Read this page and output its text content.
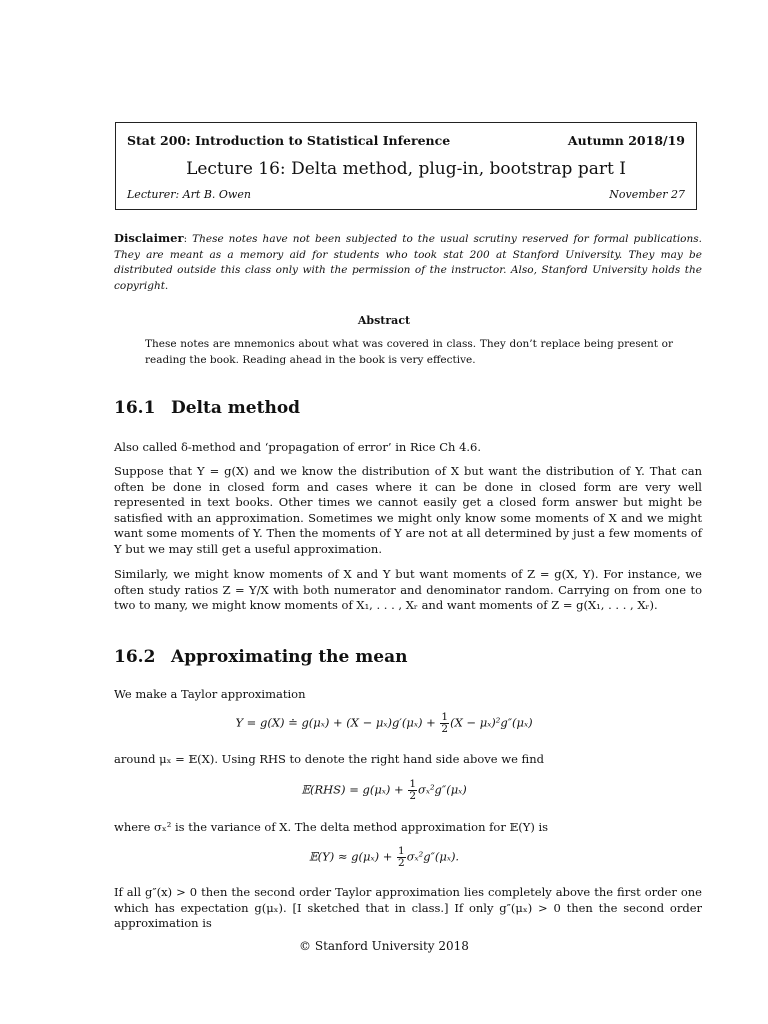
Stat 200: Introduction to Statistical Inference	Autumn 2018/19
Lecture 16: Delta method, plug-in, bootstrap part I
Lecturer: Art B. Owen	November 27
Disclaimer: These notes have not been subjected to the usual scrutiny reserved for formal publications. They are meant as a memory aid for students who took stat 200 at Stanford University. They may be distributed outside this class only with the permission of the instructor. Also, Stanford University holds the copyright.
Abstract
These notes are mnemonics about what was covered in class. They don’t replace being present or reading the book. Reading ahead in the book is very effective.
16.1 Delta method
Also called δ-method and ‘propagation of error’ in Rice Ch 4.6.
Suppose that Y = g(X) and we know the distribution of X but want the distribution of Y. That can often be done in closed form and cases where it can be done in closed form are very well represented in text books. Other times we cannot easily get a closed form answer but might be satisfied with an approximation. Sometimes we might only know some moments of X and we might want some moments of Y. Then the moments of Y are not at all determined by just a few moments of Y but we may still get a useful approximation.
Similarly, we might know moments of X and Y but want moments of Z = g(X, Y). For instance, we often study ratios Z = Y/X with both numerator and denominator random. Carrying on from one to two to many, we might know moments of X₁, . . . , Xᵣ and want moments of Z = g(X₁, . . . , Xᵣ).
16.2 Approximating the mean
We make a Taylor approximation
Y = g(X) ≐ $g(\mu_x) + (X - \mu_x)g'(\mu_x) + \frac{1}{2} (X - \mu_x)^2g''(\mu_x)$
around μₓ = 𝔼(X). Using RHS to denote the right hand side above we find
𝔼(RHS) = $g(\mu_x) + \frac{1}{2} \sigma_x^2g''(\mu_x)$
where σₓ² is the variance of X. The delta method approximation for 𝔼(Y) is
𝔼(Y) ≈ $g(\mu_x) + \frac{1}{2} \sigma_x^2g''(\mu_x)$.
If all g″(x) > 0 then the second order Taylor approximation lies completely above the first order one which has expectation g(μₓ). [I sketched that in class.] If only g″(μₓ) > 0 then the second order approximation is
© Stanford University 2018
